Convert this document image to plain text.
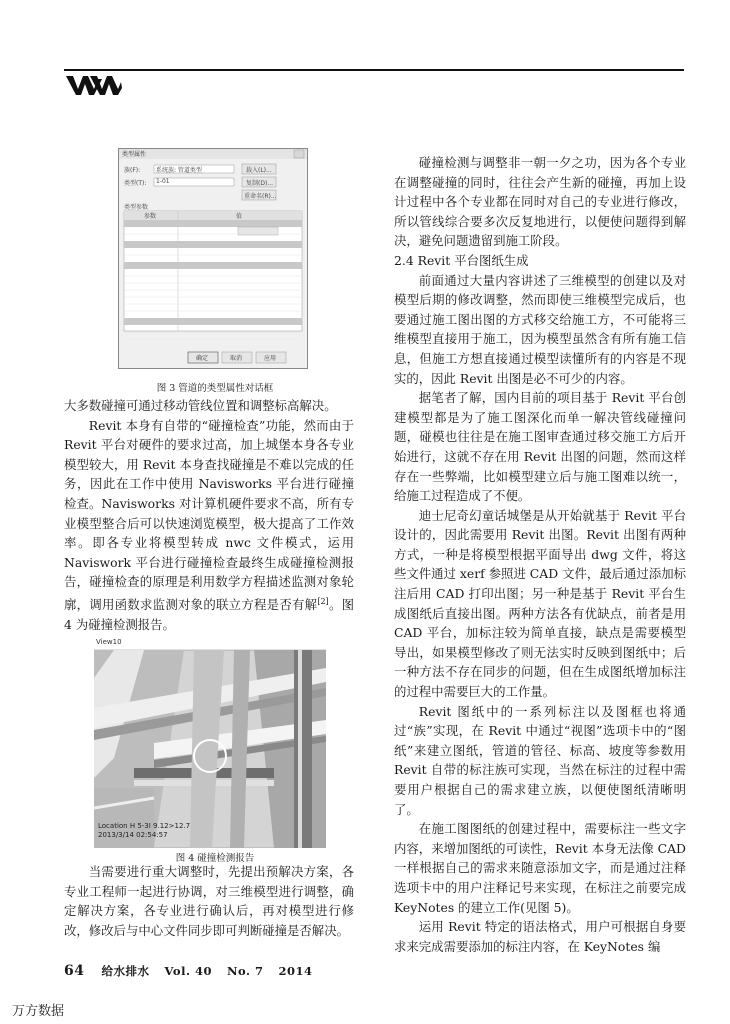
类型属性
族(F):	系统族: 管道类型
类型(T): 1-01
载入(L)...
复制(D)...
重命名(R)...
类型参数
参数	值
确定	取消	应用
图 3 管道的类型属性对话框

大多数碰撞可通过移动管线位置和调整标高解决。

Revit 本身有自带的“碰撞检查”功能，然而由于 Revit 平台对硬件的要求过高，加上城堡本身各专业模型较大，用 Revit 本身查找碰撞是不难以完成的任务，因此在工作中使用 Navisworks 平台进行碰撞检查。Navisworks 对计算机硬件要求不高，所有专业模型整合后可以快速浏览模型，极大提高了工作效率。即各专业将模型转成 nwc 文件模式，运用 Naviswork 平台进行碰撞检查最终生成碰撞检测报告，碰撞检查的原理是利用数学方程描述监测对象轮廓，调用函数求监测对象的联立方程是否有解[2]。图 4 为碰撞检测报告。

View10
Location H 5-3I 9.12>12.7
2013/3/14 02:54:57
图 4 碰撞检测报告

当需要进行重大调整时，先提出预解决方案，各专业工程师一起进行协调，对三维模型进行调整，确定解决方案，各专业进行确认后，再对模型进行修改，修改后与中心文件同步即可判断碰撞是否解决。

碰撞检测与调整非一朝一夕之功，因为各个专业在调整碰撞的同时，往往会产生新的碰撞，再加上设计过程中各个专业都在同时对自己的专业进行修改，所以管线综合要多次反复地进行，以便使问题得到解决，避免问题遗留到施工阶段。

2.4 Revit 平台图纸生成

前面通过大量内容讲述了三维模型的创建以及对模型后期的修改调整，然而即使三维模型完成后，也要通过施工图出图的方式移交给施工方，不可能将三维模型直接用于施工，因为模型虽然含有所有施工信息，但施工方想直接通过模型读懂所有的内容是不现实的，因此 Revit 出图是必不可少的内容。

据笔者了解，国内目前的项目基于 Revit 平台创建模型都是为了施工图深化而单一解决管线碰撞问题，碰模也往往是在施工图审查通过移交施工方后开始进行，这就不存在用 Revit 出图的问题，然而这样存在一些弊端，比如模型建立后与施工图难以统一，给施工过程造成了不便。

迪士尼奇幻童话城堡是从开始就基于 Revit 平台设计的，因此需要用 Revit 出图。Revit 出图有两种方式，一种是将模型根据平面导出 dwg 文件，将这些文件通过 xerf 参照进 CAD 文件，最后通过添加标注后用 CAD 打印出图；另一种是基于 Revit 平台生成图纸后直接出图。两种方法各有优缺点，前者是用 CAD 平台，加标注较为简单直接，缺点是需要模型导出，如果模型修改了则无法实时反映到图纸中；后一种方法不存在同步的问题，但在生成图纸增加标注的过程中需要巨大的工作量。

Revit 图纸中的一系列标注以及图框也将通过“族”实现，在 Revit 中通过“视图”选项卡中的“图纸”来建立图纸，管道的管径、标高、坡度等参数用 Revit 自带的标注族可实现，当然在标注的过程中需要用户根据自己的需求建立族，以便使图纸清晰明了。

在施工图图纸的创建过程中，需要标注一些文字内容，来增加图纸的可读性，Revit 本身无法像 CAD 一样根据自己的需求来随意添加文字，而是通过注释选项卡中的用户注释记号来实现，在标注之前要完成 KeyNotes 的建立工作(见图 5)。

运用 Revit 特定的语法格式，用户可根据自身要求来完成需要添加的标注内容，在 KeyNotes 编

64 给水排水 Vol. 40 No. 7 2014
万方数据
